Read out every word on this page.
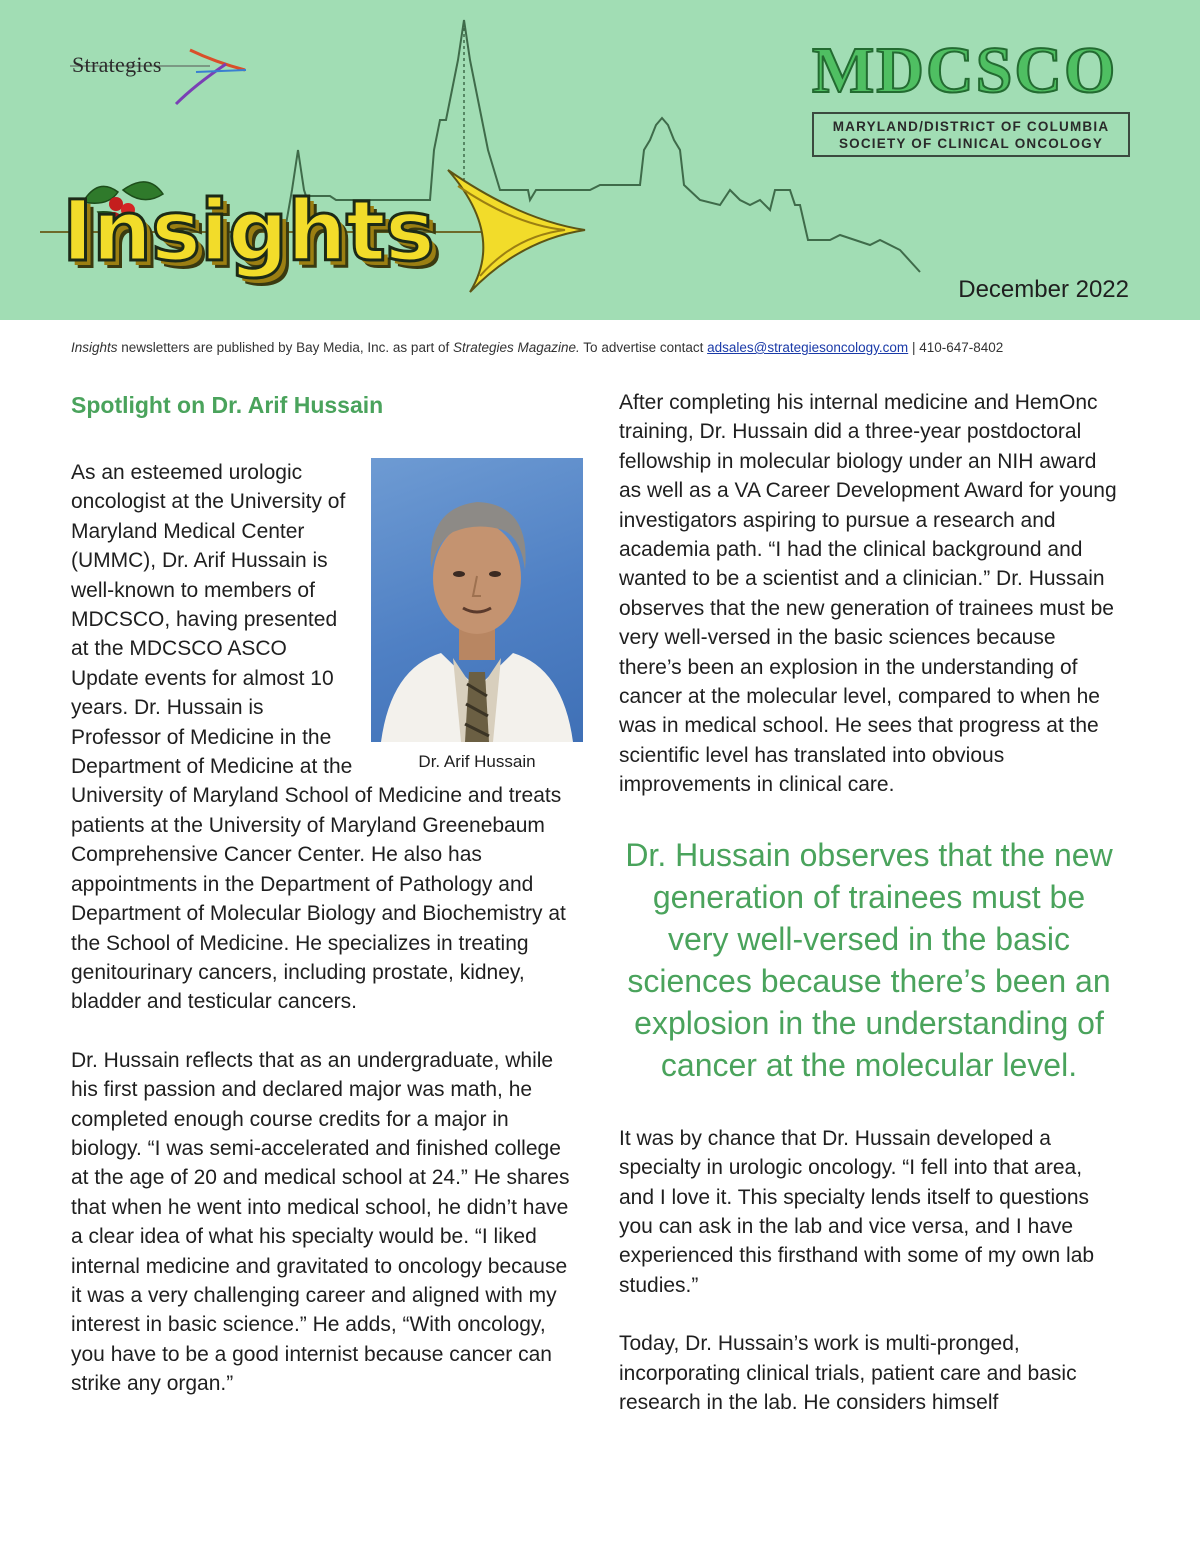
Strategies
Insights
MDCSCO
MARYLAND/DISTRICT OF COLUMBIA
SOCIETY OF CLINICAL ONCOLOGY
December 2022
Insights newsletters are published by Bay Media, Inc. as part of Strategies Magazine. To advertise contact adsales@strategiesoncology.com | 410-647-8402
Spotlight on Dr. Arif Hussain
Dr. Arif Hussain

As an esteemed urologic oncologist at the University of Maryland Medical Center (UMMC), Dr. Arif Hussain is well-known to members of MDCSCO, having presented at the MDCSCO ASCO Update events for almost 10 years. Dr. Hussain is Professor of Medicine in the Department of Medicine at the University of Maryland School of Medicine and treats patients at the University of Maryland Greenebaum Comprehensive Cancer Center. He also has appointments in the Department of Pathology and Department of Molecular Biology and Biochemistry at the School of Medicine. He specializes in treating genitourinary cancers, including prostate, kidney, bladder and testicular cancers.

Dr. Hussain reflects that as an undergraduate, while his first passion and declared major was math, he completed enough course credits for a major in biology. “I was semi-accelerated and finished college at the age of 20 and medical school at 24.” He shares that when he went into medical school, he didn’t have a clear idea of what his specialty would be. “I liked internal medicine and gravitated to oncology because it was a very challenging career and aligned with my interest in basic science.” He adds, “With oncology, you have to be a good internist because cancer can strike any organ.”

After completing his internal medicine and HemOnc training, Dr. Hussain did a three-year postdoctoral fellowship in molecular biology under an NIH award as well as a VA Career Development Award for young investigators aspiring to pursue a research and academia path. “I had the clinical background and wanted to be a scientist and a clinician.” Dr. Hussain observes that the new generation of trainees must be very well-versed in the basic sciences because there’s been an explosion in the understanding of cancer at the molecular level, compared to when he was in medical school. He sees that progress at the scientific level has translated into obvious improvements in clinical care.

Dr. Hussain observes that the new generation of trainees must be very well-versed in the basic sciences because there’s been an explosion in the understanding of cancer at the molecular level.

It was by chance that Dr. Hussain developed a specialty in urologic oncology. “I fell into that area, and I love it. This specialty lends itself to questions you can ask in the lab and vice versa, and I have experienced this firsthand with some of my own lab studies.”

Today, Dr. Hussain’s work is multi-pronged, incorporating clinical trials, patient care and basic research in the lab. He considers himself
